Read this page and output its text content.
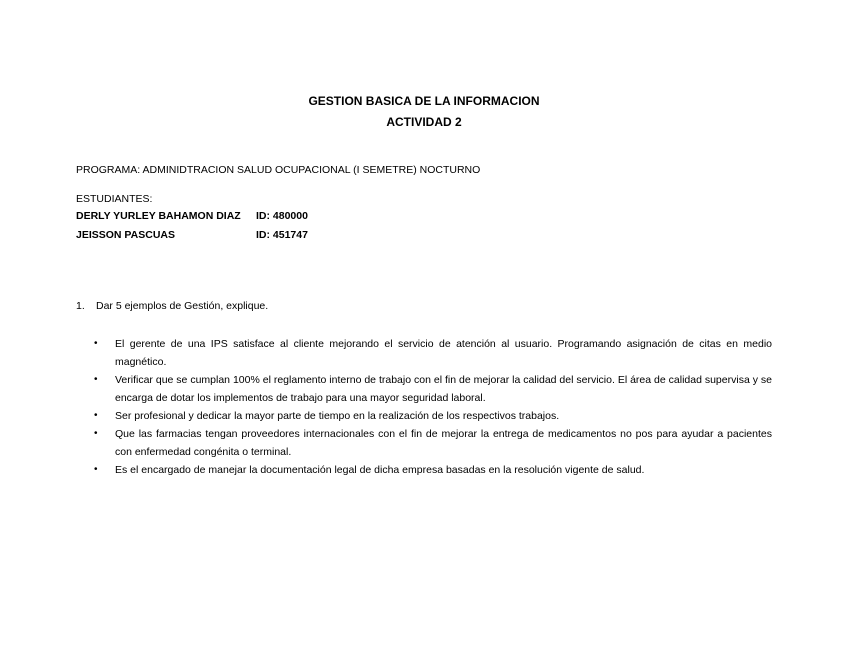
GESTION BASICA DE LA INFORMACION
ACTIVIDAD 2
PROGRAMA: ADMINIDTRACION SALUD OCUPACIONAL (I SEMETRE) NOCTURNO
ESTUDIANTES:
DERLY YURLEY BAHAMON DIAZ ID: 480000
JEISSON PASCUAS	ID: 451747
1. Dar 5 ejemplos de Gestión, explique.
• El gerente de una IPS satisface al cliente mejorando el servicio de atención al usuario. Programando asignación de citas en medio magnético.
• Verificar que se cumplan 100% el reglamento interno de trabajo con el fin de mejorar la calidad del servicio. El área de calidad supervisa y se encarga de dotar los implementos de trabajo para una mayor seguridad laboral.
• Ser profesional y dedicar la mayor parte de tiempo en la realización de los respectivos trabajos.
• Que las farmacias tengan proveedores internacionales con el fin de mejorar la entrega de medicamentos no pos para ayudar a pacientes con enfermedad congénita o terminal.
• Es el encargado de manejar la documentación legal de dicha empresa basadas en la resolución vigente de salud.
